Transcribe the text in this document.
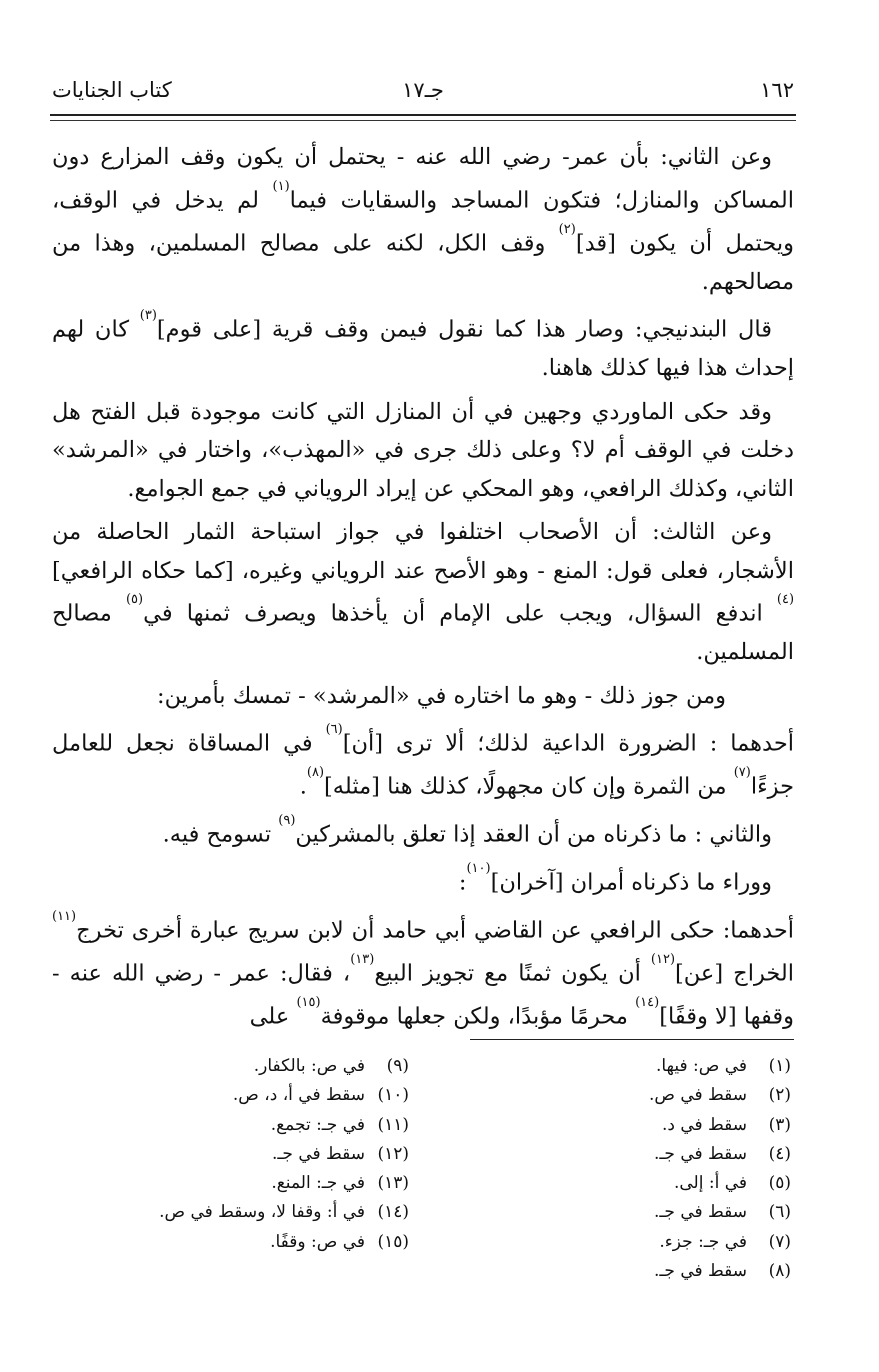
١٦٢
جـ١٧
كتاب الجنايات

وعن الثاني: بأن عمر- رضي الله عنه - يحتمل أن يكون وقف المزارع دون المساكن والمنازل؛ فتكون المساجد والسقايات فيما$^{(١)}$ لم يدخل في الوقف، ويحتمل أن يكون [قد]$^{(٢)}$ وقف الكل، لكنه على مصالح المسلمين، وهذا من مصالحهم.

قال البندنيجي: وصار هذا كما نقول فيمن وقف قرية [على قوم]$^{(٣)}$ كان لهم إحداث هذا فيها كذلك هاهنا.

وقد حكى الماوردي وجهين في أن المنازل التي كانت موجودة قبل الفتح هل دخلت في الوقف أم لا؟ وعلى ذلك جرى في «المهذب»، واختار في «المرشد» الثاني، وكذلك الرافعي، وهو المحكي عن إيراد الروياني في جمع الجوامع.

وعن الثالث: أن الأصحاب اختلفوا في جواز استباحة الثمار الحاصلة من الأشجار، فعلى قول: المنع - وهو الأصح عند الروياني وغيره، [كما حكاه الرافعي]$^{(٤)}$ اندفع السؤال، ويجب على الإمام أن يأخذها ويصرف ثمنها في$^{(٥)}$ مصالح المسلمين.

ومن جوز ذلك - وهو ما اختاره في «المرشد» - تمسك بأمرين:

أحدهما : الضرورة الداعية لذلك؛ ألا ترى [أن]$^{(٦)}$ في المساقاة نجعل للعامل جزءًا$^{(٧)}$ من الثمرة وإن كان مجهولًا، كذلك هنا [مثله]$^{(٨)}$.

والثاني : ما ذكرناه من أن العقد إذا تعلق بالمشركين$^{(٩)}$ تسومح فيه.

ووراء ما ذكرناه أمران [آخران]$^{(١٠)}$:

أحدهما: حكى الرافعي عن القاضي أبي حامد أن لابن سريج عبارة أخرى تخرج$^{(١١)}$ الخراج [عن]$^{(١٢)}$ أن يكون ثمنًا مع تجويز البيع$^{(١٣)}$، فقال: عمر - رضي الله عنه - وقفها [لا وقفًا]$^{(١٤)}$ محرمًا مؤبدًا، ولكن جعلها موقوفة$^{(١٥)}$ على

(١)في ص: فيها.
(٢)سقط في ص.
(٣)سقط في د.
(٤)سقط في جـ.
(٥)في أ: إلى.
(٦)سقط في جـ.
(٧)في جـ: جزء.
(٨)سقط في جـ.
(٩)في ص: بالكفار.
(١٠)سقط في أ، د، ص.
(١١)في جـ: تجمع.
(١٢)سقط في جـ.
(١٣)في جـ: المنع.
(١٤)في أ: وقفا لا، وسقط في ص.
(١٥)في ص: وقفًا.
